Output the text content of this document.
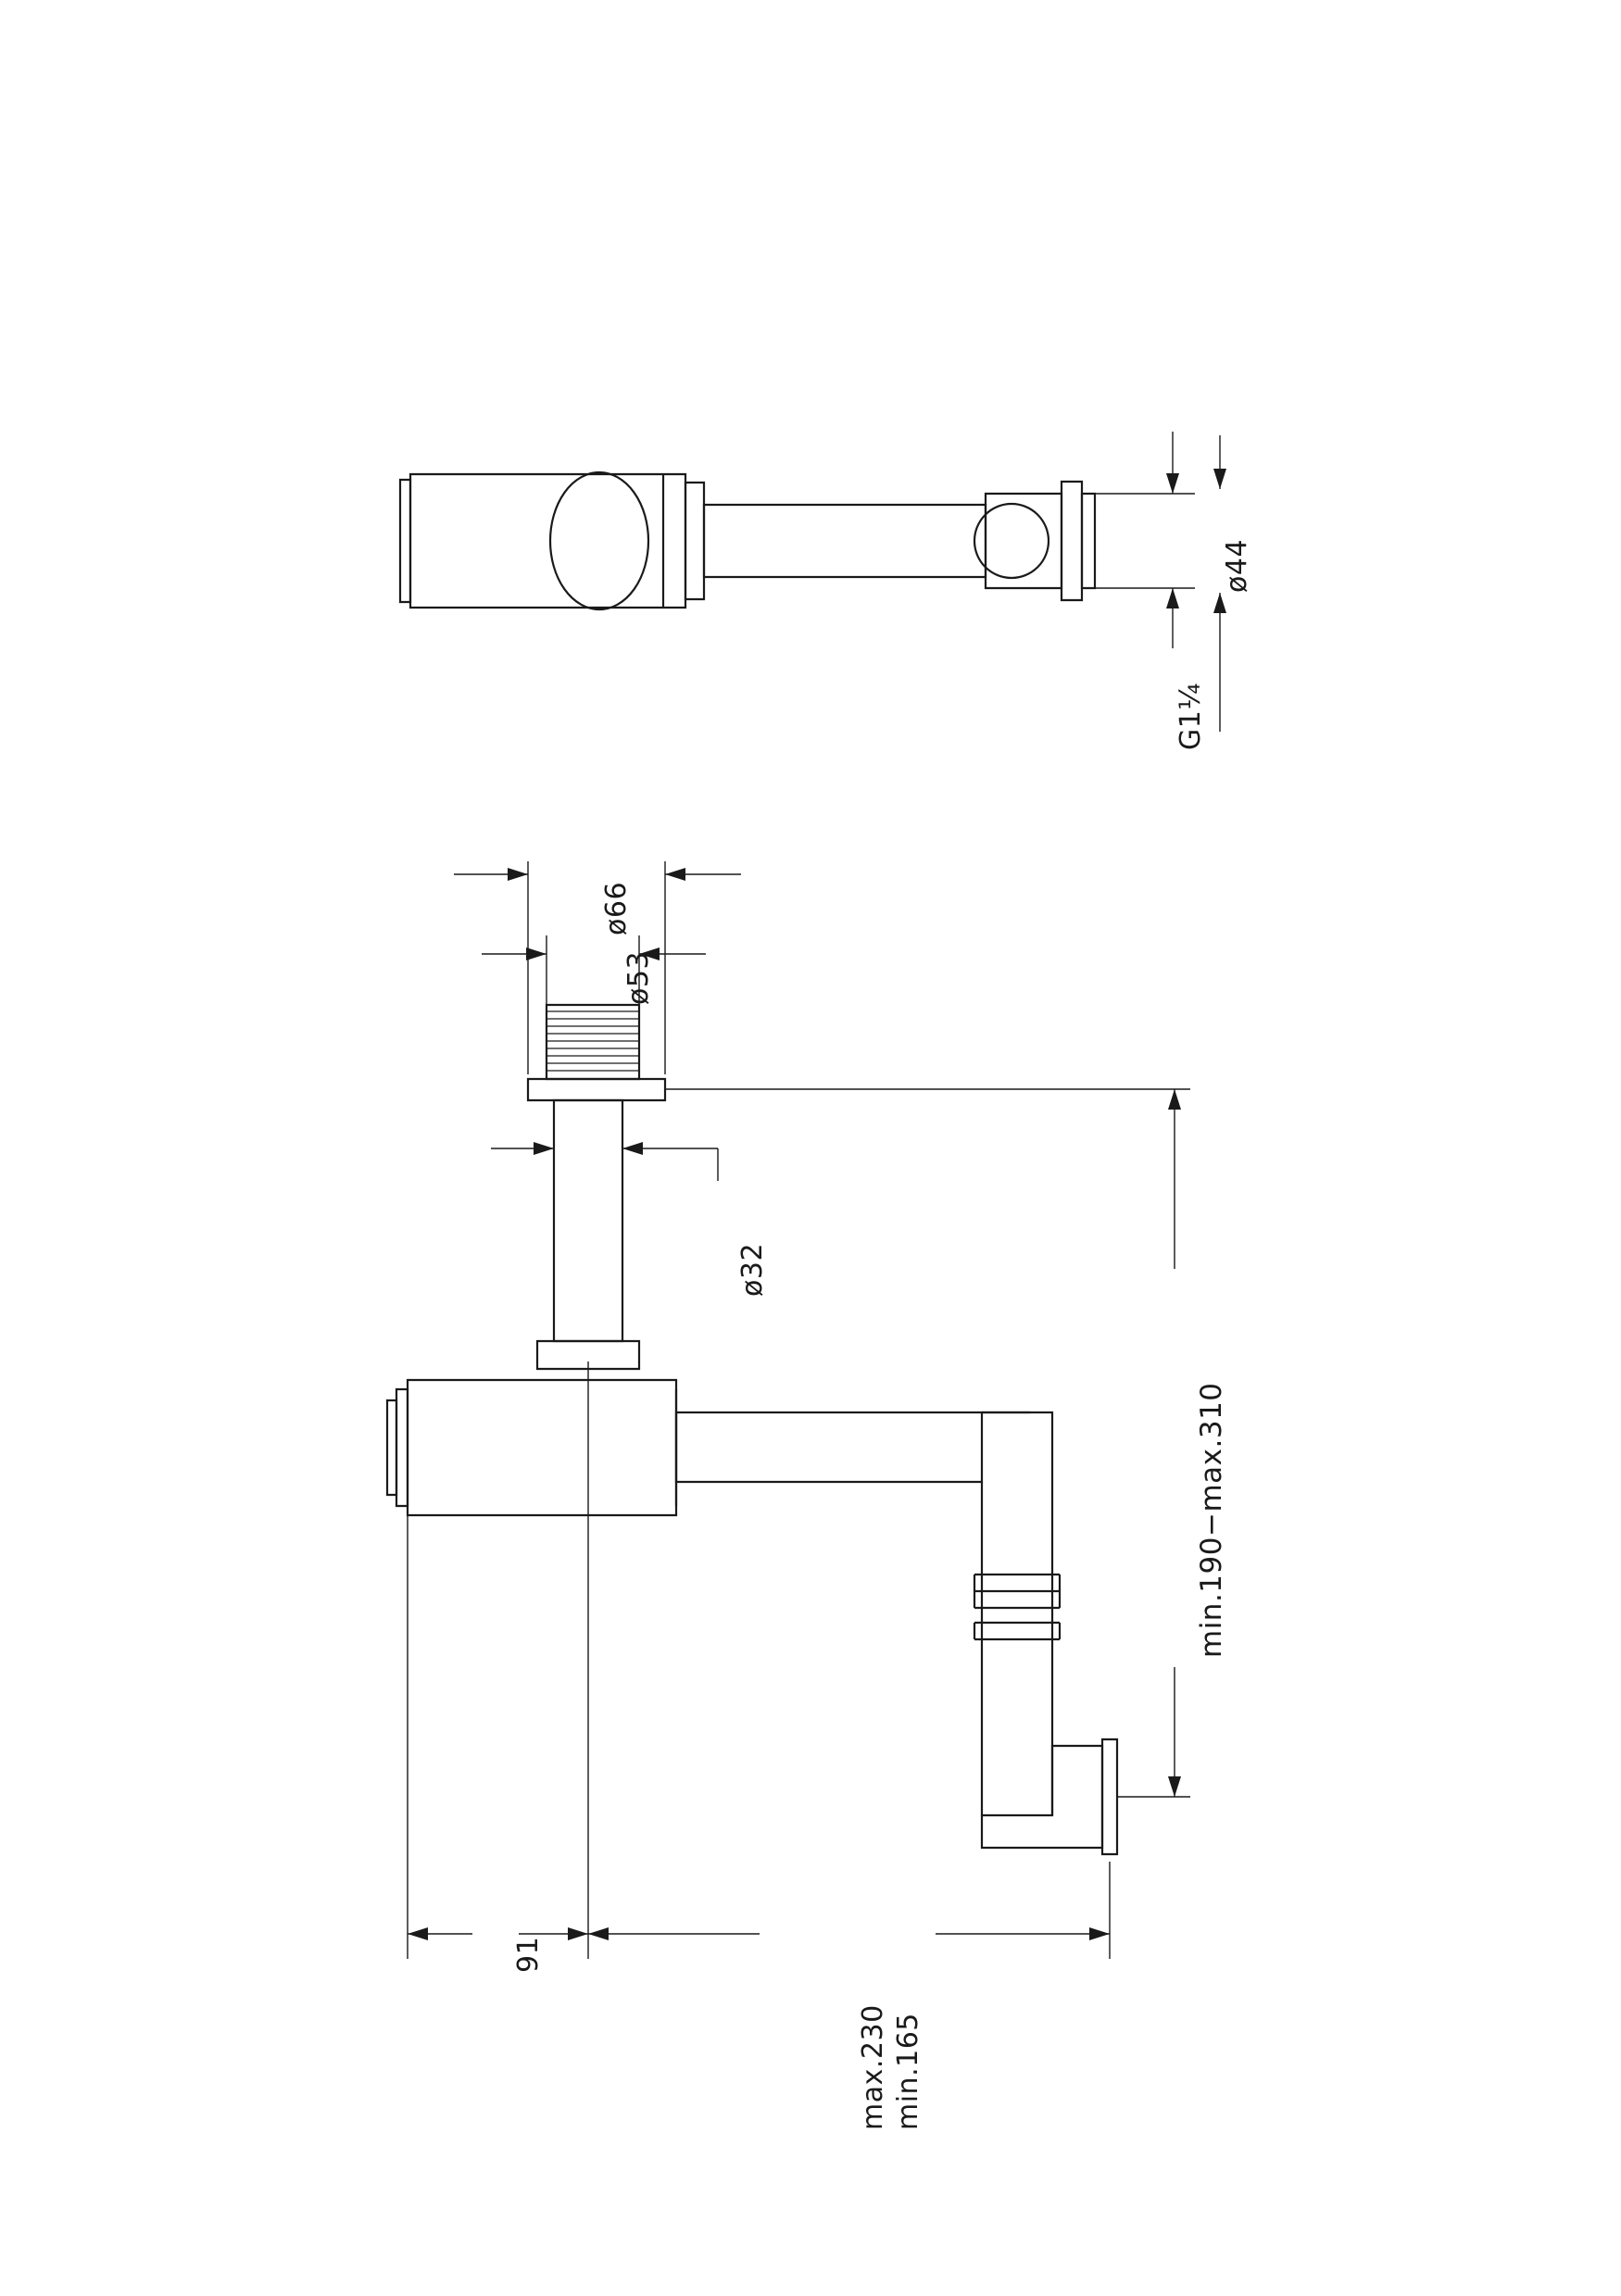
ø44
G1¼
ø66
ø53
ø32
min.190−max.310
91
min.165
max.230
